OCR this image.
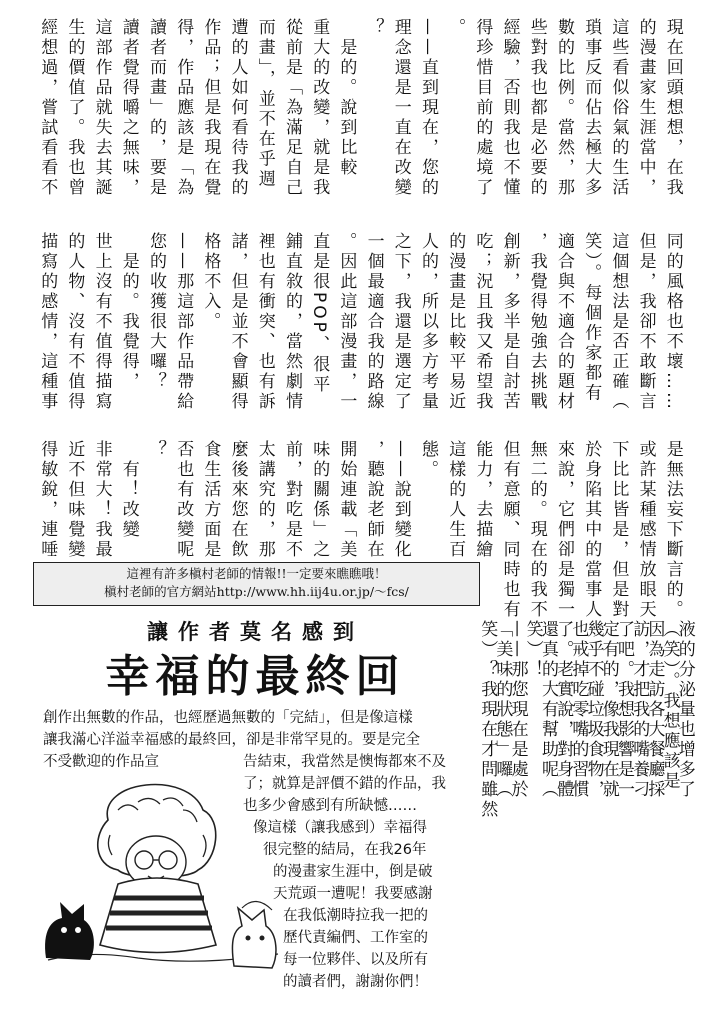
現在回頭想想，在我
的漫畫家生涯當中，
這些看似俗氣的生活
瑣事反而佔去極大多
數的比例。當然，那
些對我也都是必要的
經驗，否則我也不懂
得珍惜目前的處境了
。
——直到現在，您的
理念還是一直在改變
？
　是的。說到比較
重大的改變，就是我
從前是「為滿足自己
而畫」，並不在乎週
遭的人如何看待我的
作品；但是我現在覺
得，作品應該是「為
讀者而畫」的，要是
讀者覺得嚼之無味，
這部作品就失去其誕
生的價值了。我也曾
經想過，嘗試看看不
同的風格也不壞……
但是，我卻不敢斷言
這個想法是否正確（
笑）。每個作家都有
適合與不適合的題材
，我覺得勉強去挑戰
創新，多半是自討苦
吃；況且我又希望我
的漫畫是比較平易近
人的，所以多方考量
之下，我還是選定了
一個最適合我的路線
。因此這部漫畫，一
直是很POP、很平
鋪直敘的，當然劇情
裡也有衝突、也有訴
諸，但是並不會顯得
格格不入。
——那這部作品帶給
您的收獲很大囉？
　是的。我覺得，
世上沒有不值得描寫
的人物、沒有不值得
描寫的感情，這種事
是無法妄下斷言的。
或許某種感情放眼天
下比比皆是，但是對
於身陷其中的當事人
來說，它們卻是獨一
無二的。現在的我不
但有意願、同時也有
能力，去描繪
這樣的人生百
態。
——說到變化
，聽說老師在
開始連載「美
味的關係」之
前，對吃是不
太講究的，那
麼後來您在飲
食生活方面是
否也有改變呢
？
　有！改變
非常大！我最
近不但味覺變
得敏銳，連唾
液的分泌量也增多了
（笑）。我想應該是
因為走訪各大餐廳採
訪，才把我的嘴養刁
了吧。我想影響是一
定有的，像我現在就
幾乎不碰垃圾食物，
也戒掉吃零嘴的習慣
了。老實說，對身體
還真的大有幫助呢（
笑）！
——那您現在是處於
「美味的狀態」囉（
笑）？我現在才問雖然
這裡有許多槇村老師的情報!!一定要來瞧瞧哦！
槇村老師的官方網站http://www.hh.iij4u.or.jp/～fcs/
讓作者莫名感到
幸福的最終回
創作出無數的作品，也經歷過無數的「完結」，但是像這樣
讓我滿心洋溢幸福感的最終回，卻是非常罕見的。要是完全
不受歡迎的作品宣	告結束，我當然是懊悔都來不及
了；就算是評價不錯的作品，我
也多少會感到有所缺憾……
像這樣（讓我感到）幸福得
很完整的結局，在我26年
的漫畫家生涯中，倒是破
天荒頭一遭呢！我要感謝
在我低潮時拉我一把的
歷代責編們、工作室的
每一位夥伴、以及所有
的讀者們，謝謝你們！
